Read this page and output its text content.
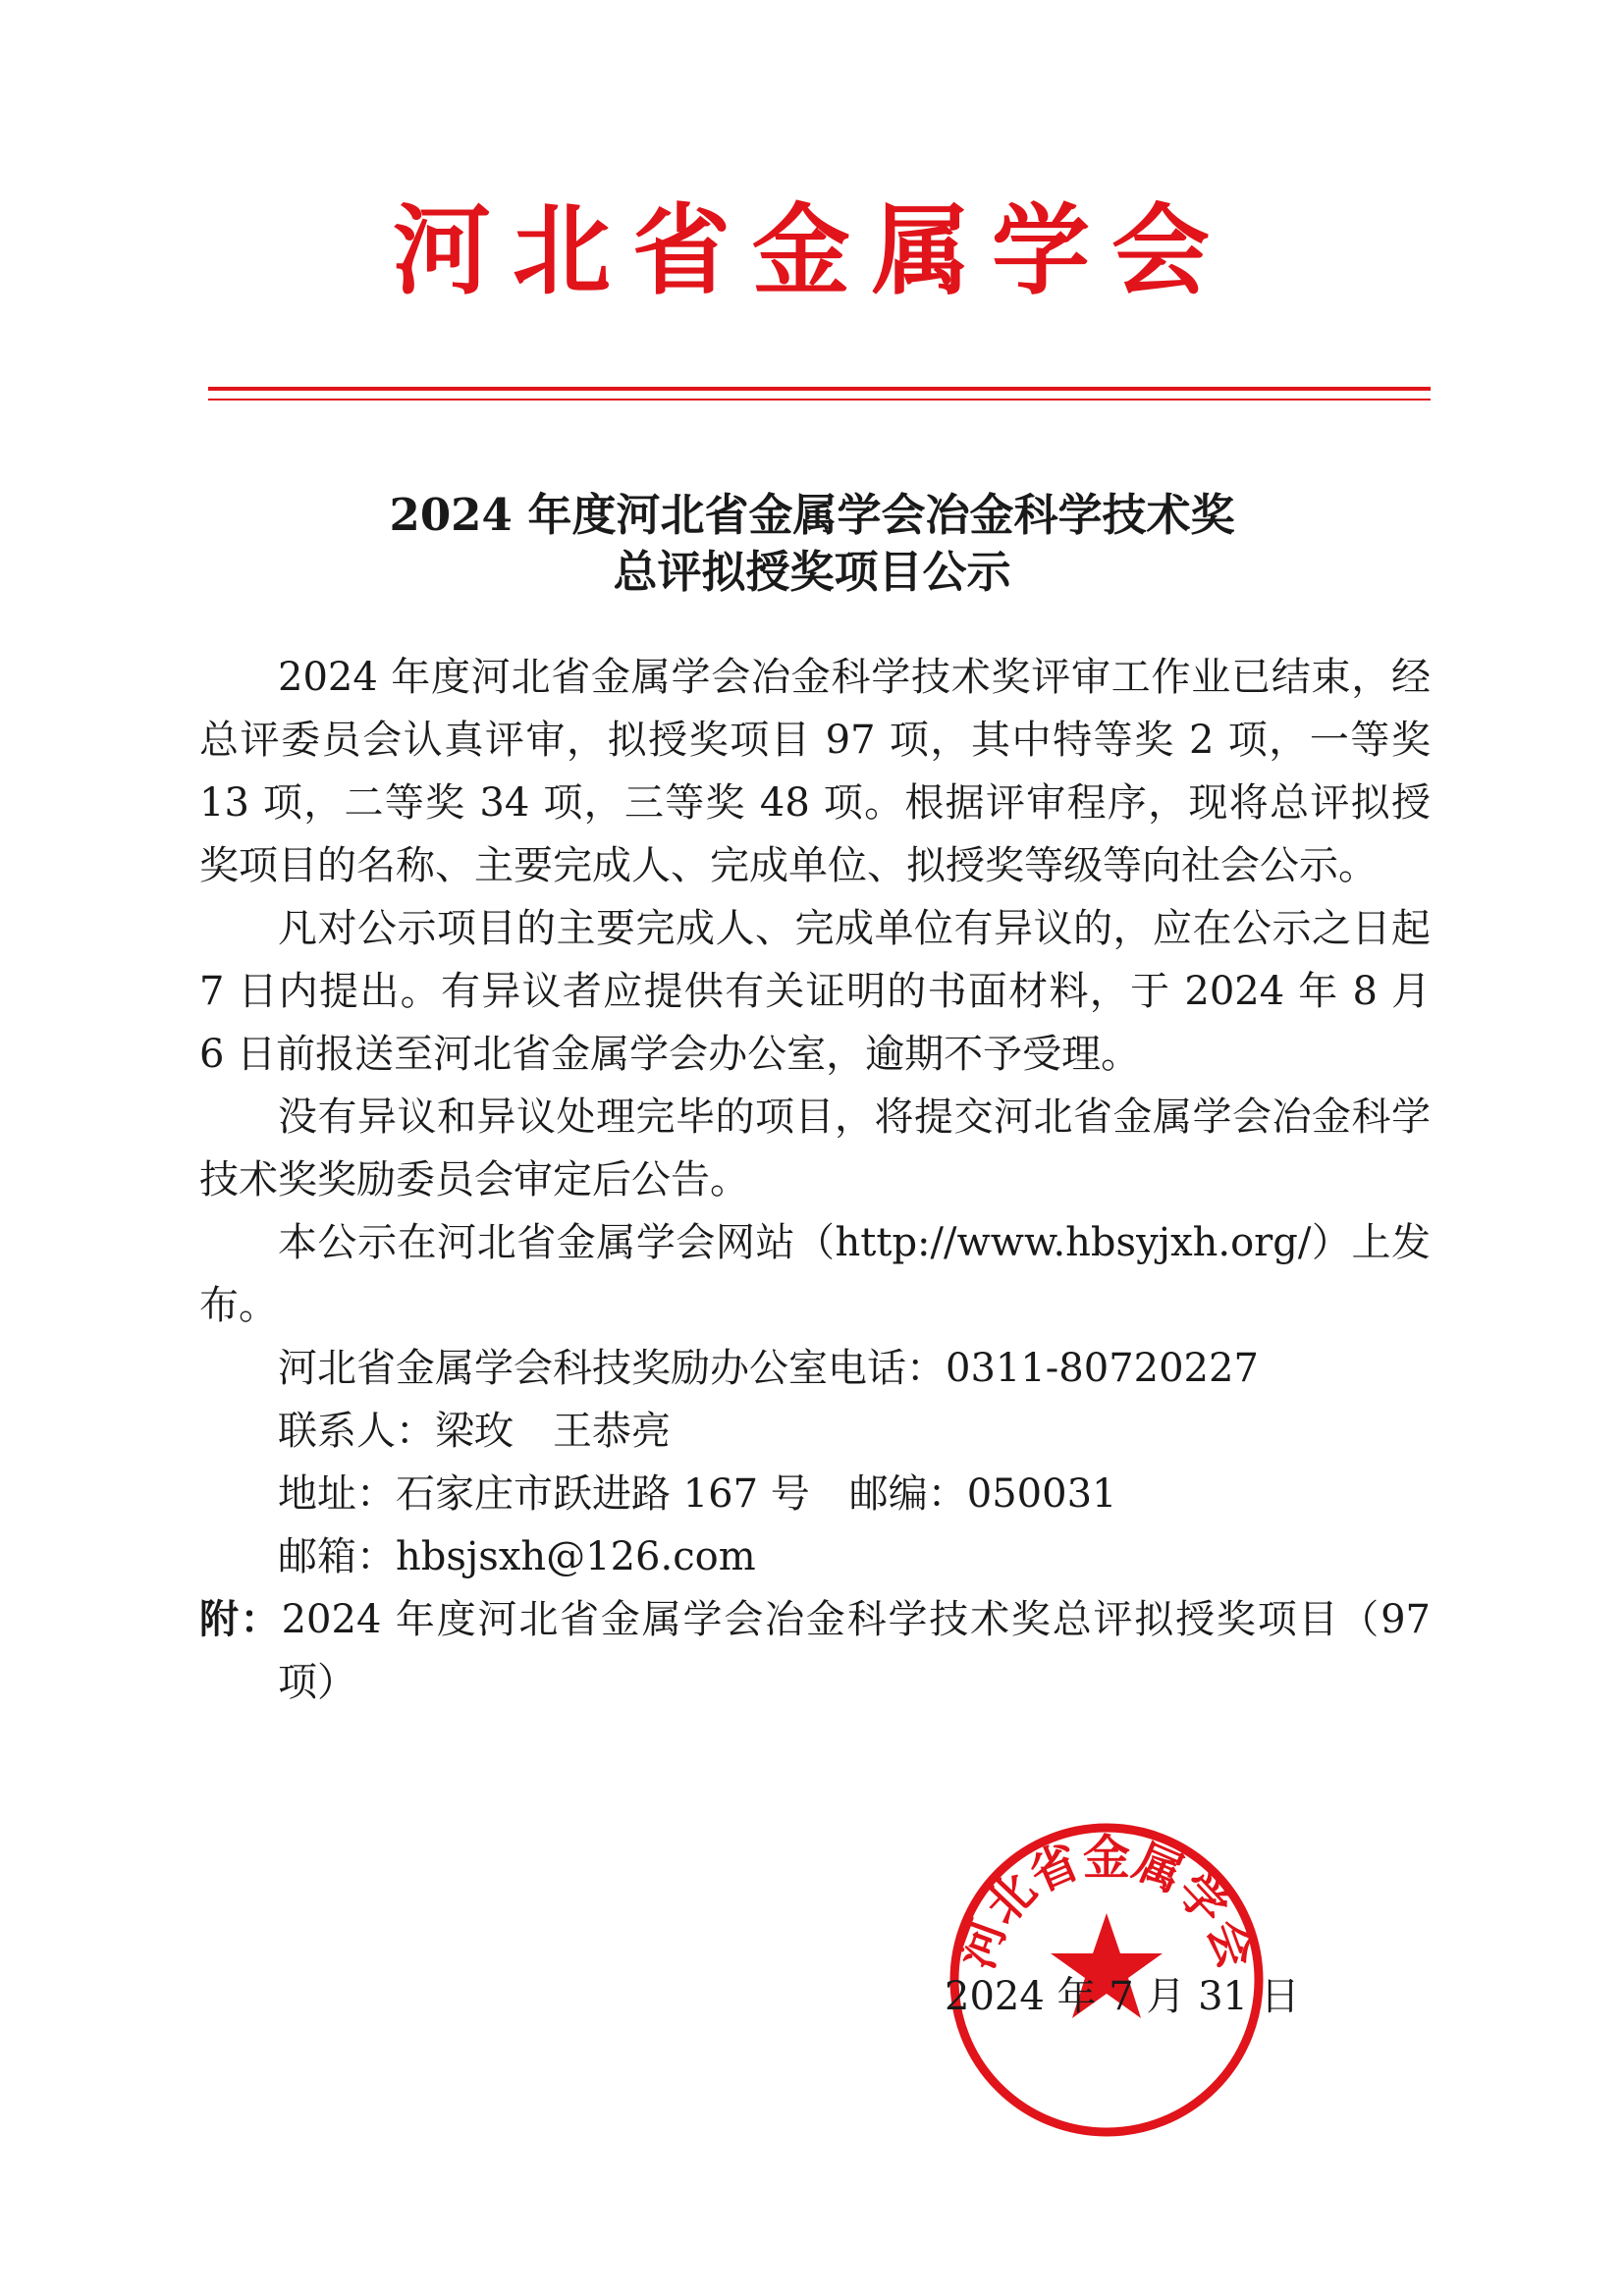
河北省金属学会
2024 年度河北省金属学会冶金科学技术奖
总评拟授奖项目公示

2024 年度河北省金属学会冶金科学技术奖评审工作业已结束，经总评委员会认真评审，拟授奖项目 97 项，其中特等奖 2 项，一等奖 13 项，二等奖 34 项，三等奖 48 项。根据评审程序，现将总评拟授奖项目的名称、主要完成人、完成单位、拟授奖等级等向社会公示。

凡对公示项目的主要完成人、完成单位有异议的，应在公示之日起 7 日内提出。有异议者应提供有关证明的书面材料，于 2024 年 8 月 6 日前报送至河北省金属学会办公室，逾期不予受理。

没有异议和异议处理完毕的项目，将提交河北省金属学会冶金科学技术奖奖励委员会审定后公告。

本公示在河北省金属学会网站（http://www.hbsyjxh.org/）上发布。

河北省金属学会科技奖励办公室电话：0311-80720227
联系人：梁玫　王恭亮
地址：石家庄市跃进路 167 号　邮编：050031
邮箱：hbsjsxh@126.com
附：2024 年度河北省金属学会冶金科学技术奖总评拟授奖项目（97 项）
河北省金属学会
2024 年 7 月 31 日
